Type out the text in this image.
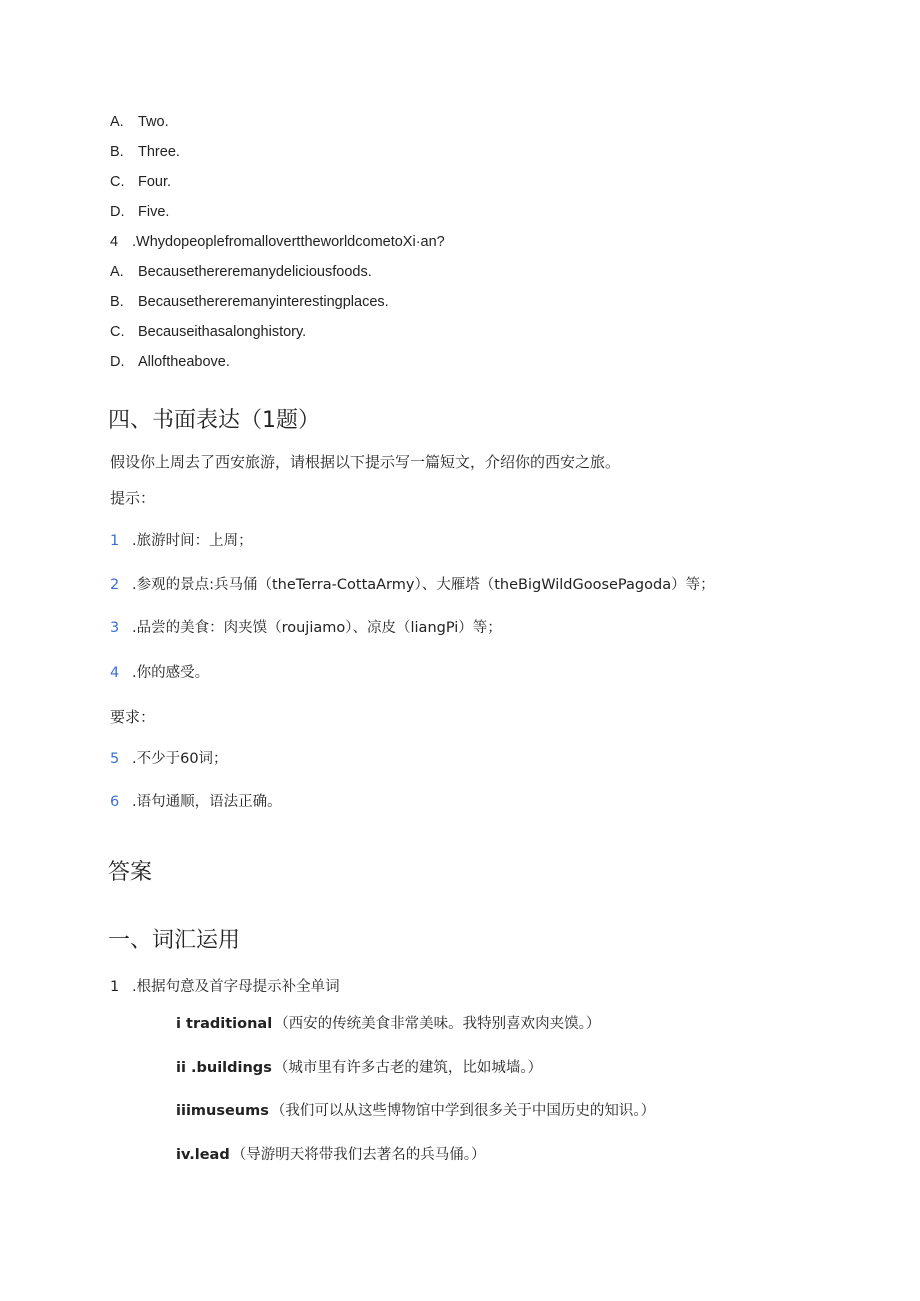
A. Two.
B. Three.
C. Four.
D. Five.
4 .WhydopeoplefromalloverttheworldcometoXi·an?
A. Becausethereremanydeliciousfoods.
B. Becausethereremanyinterestingplaces.
C. Becauseithasalonghistory.
D. Alloftheabove.
四、书面表达（1题）
假设你上周去了西安旅游，请根据以下提示写一篇短文，介绍你的西安之旅。
提示：
1 .旅游时间：上周；
2 .参观的景点:兵马俑（theTerra-CottaArmy）、大雁塔（theBigWildGoosePagoda）等；
3 .品尝的美食：肉夹馍（roujiamo）、凉皮（liangPi）等；
4 .你的感受。
要求：
5 .不少于60词；
6 .语句通顺，语法正确。
答案
一、词汇运用
1 .根据句意及首字母提示补全单词
i traditional （西安的传统美食非常美味。我特别喜欢肉夹馍。）
ii .buildings （城市里有许多古老的建筑，比如城墙。）
iiimuseums （我们可以从这些博物馆中学到很多关于中国历史的知识。）
iv.lead （导游明天将带我们去著名的兵马俑。）
